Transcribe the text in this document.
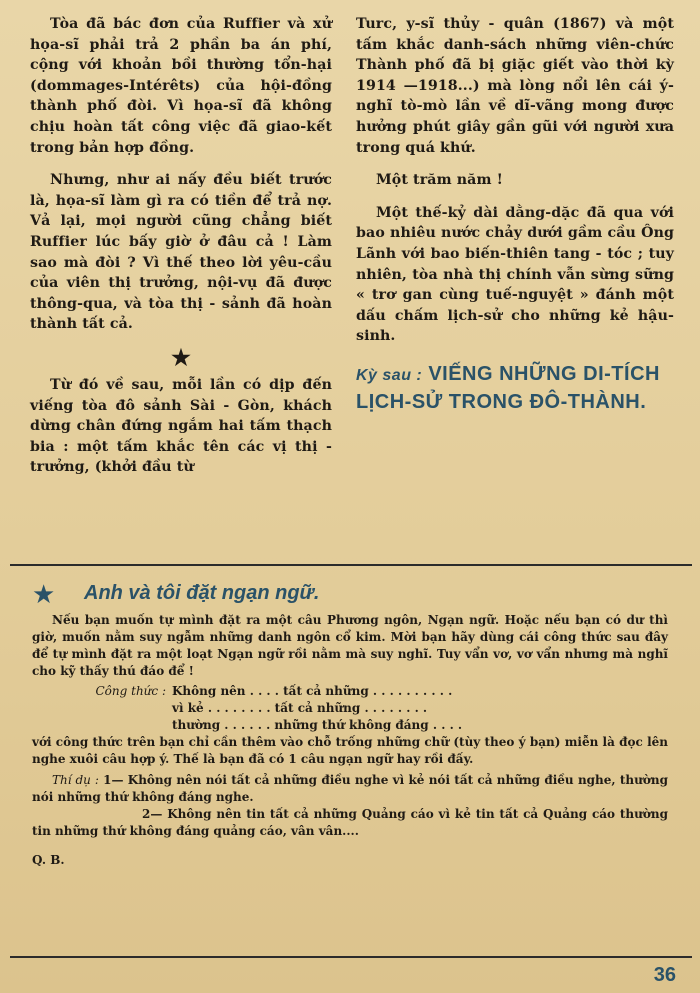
Tòa đã bác đơn của Ruffier và xử họa-sĩ phải trả 2 phần ba án phí, cộng với khoản bồi thường tổn-hại (dommages-Intérêts) của hội-đồng thành phố đòi. Vì họa-sĩ đã không chịu hoàn tất công việc đã giao-kết trong bản hợp đồng.

Nhưng, như ai nấy đều biết trước là, họa-sĩ làm gì ra có tiền để trả nợ. Vả lại, mọi người cũng chẳng biết Ruffier lúc bấy giờ ở đâu cả ! Làm sao mà đòi ? Vì thế theo lời yêu-cầu của viên thị trưởng, nội-vụ đã được thông-qua, và tòa thị - sảnh đã hoàn thành tất cả.

★

Từ đó về sau, mỗi lần có dịp đến viếng tòa đô sảnh Sài - Gòn, khách dừng chân đứng ngắm hai tấm thạch bia : một tấm khắc tên các vị thị - trưởng, (khởi đầu từ

Turc, y-sĩ thủy - quân (1867) và một tấm khắc danh-sách những viên-chức Thành phố đã bị giặc giết vào thời kỳ 1914 —1918...) mà lòng nổi lên cái ý-nghĩ tò-mò lần về dĩ-vãng mong được hưởng phút giây gần gũi với người xưa trong quá khứ.

Một trăm năm !

Một thế-kỷ dài dằng-dặc đã qua với bao nhiêu nước chảy dưới gầm cầu Ông Lãnh với bao biến-thiên tang - tóc ; tuy nhiên, tòa nhà thị chính vẫn sừng sững « trơ gan cùng tuế-nguyệt » đánh một dấu chấm lịch-sử cho những kẻ hậu-sinh.

Kỳ sau : VIẾNG NHỮNG DI-TÍCH LỊCH-SỬ TRONG ĐÔ-THÀNH.
★ Anh và tôi đặt ngạn ngữ.

Nếu bạn muốn tự mình đặt ra một câu Phương ngôn, Ngạn ngữ. Hoặc nếu bạn có dư thì giờ, muốn nằm suy ngẫm những danh ngôn cổ kim. Mời bạn hãy dùng cái công thức sau đây để tự mình đặt ra một loạt Ngạn ngữ rồi nằm mà suy nghĩ. Tuy vẩn vơ, vơ vẩn nhưng mà nghĩ cho kỹ thấy thú đáo để !

Công thức : Không nên . . . . tất cả những . . . . . . . . . .
vì kẻ . . . . . . . . tất cả những . . . . . . . .
thường . . . . . . những thứ không đáng . . . .

với công thức trên bạn chỉ cần thêm vào chỗ trống những chữ (tùy theo ý bạn) miễn là đọc lên nghe xuôi câu hợp ý. Thế là bạn đã có 1 câu ngạn ngữ hay rồi đấy.

Thí dụ : 1— Không nên nói tất cả những điều nghe vì kẻ nói tất cả những điều nghe, thường nói những thứ không đáng nghe.

2— Không nên tin tất cả những Quảng cáo vì kẻ tin tất cả Quảng cáo thường tin những thứ không đáng quảng cáo, vân vân....

Q. B.

36
